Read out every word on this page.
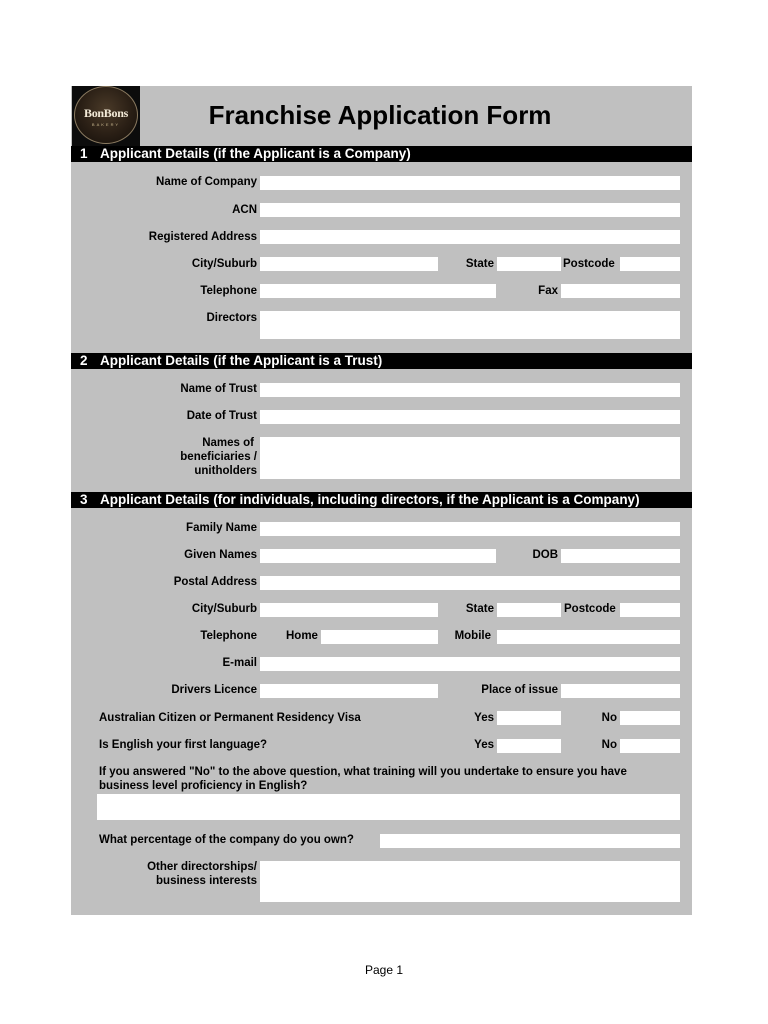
BonBons
BAKERY	Franchise Application Form
1 Applicant Details (if the Applicant is a Company)
Name of Company
ACN
Registered Address
City/Suburb	State	Postcode
Telephone	Fax
Directors
2 Applicant Details (if the Applicant is a Trust)
Name of Trust
Date of Trust
Names of
beneficiaries /
unitholders
3 Applicant Details (for individuals, including directors, if the Applicant is a Company)
Family Name
Given Names	DOB
Postal Address
City/Suburb	State	Postcode
Telephone	Home	Mobile
E-mail
Drivers Licence	Place of issue
Australian Citizen or Permanent Residency Visa	Yes	No
Is English your first language?	Yes	No
If you answered "No" to the above question, what training will you undertake to ensure you have
business level proficiency in English?
What percentage of the company do you own?
Other directorships/
business interests
Page 1
